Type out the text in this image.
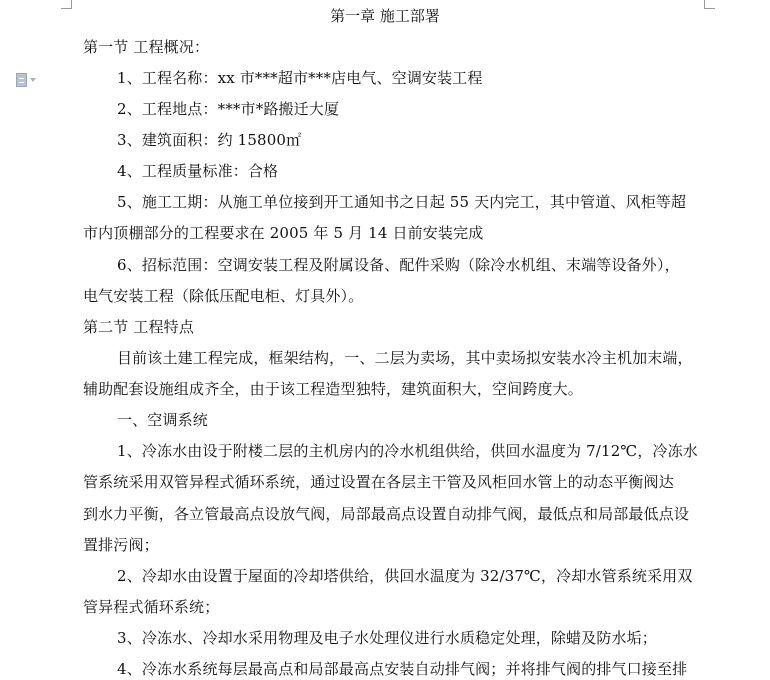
第一章 施工部署
第一节 工程概况：
1、工程名称：xx 市***超市***店电气、空调安装工程
2、工程地点：***市*路搬迁大厦
3、建筑面积：约 15800㎡
4、工程质量标准：合格
5、施工工期：从施工单位接到开工通知书之日起 55 天内完工，其中管道、风柜等超
市内顶棚部分的工程要求在 2005 年 5 月 14 日前安装完成
6、招标范围：空调安装工程及附属设备、配件采购（除冷水机组、末端等设备外），
电气安装工程（除低压配电柜、灯具外）。
第二节 工程特点
目前该土建工程完成，框架结构，一、二层为卖场，其中卖场拟安装水冷主机加末端，
辅助配套设施组成齐全，由于该工程造型独特，建筑面积大，空间跨度大。
一、空调系统
1、冷冻水由设于附楼二层的主机房内的冷水机组供给，供回水温度为 7/12℃，冷冻水
管系统采用双管异程式循环系统，通过设置在各层主干管及风柜回水管上的动态平衡阀达
到水力平衡，各立管最高点设放气阀，局部最高点设置自动排气阀，最低点和局部最低点设
置排污阀；
2、冷却水由设置于屋面的冷却塔供给，供回水温度为 32/37℃，冷却水管系统采用双
管异程式循环系统；
3、冷冻水、冷却水采用物理及电子水处理仪进行水质稳定处理，除蜡及防水垢；
4、冷冻水系统每层最高点和局部最高点安装自动排气阀；并将排气阀的排气口接至排
